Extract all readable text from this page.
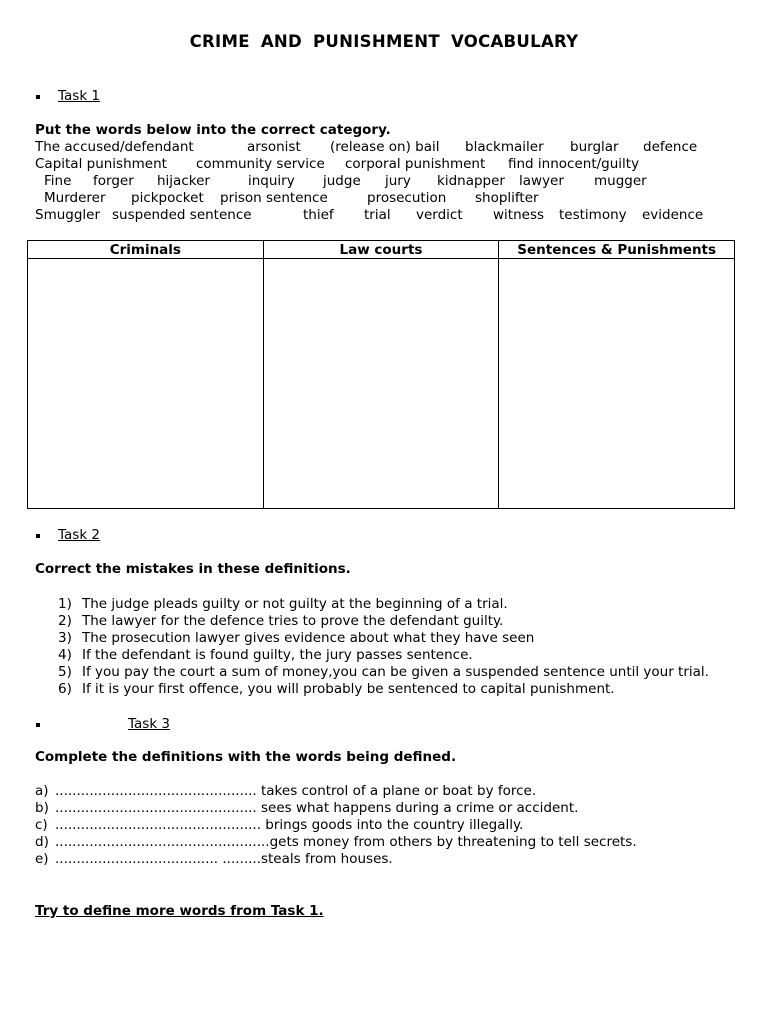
CRIME AND PUNISHMENT VOCABULARY
Task 1
Put the words below into the correct category.
The accused/defendant	arsonist (release on) bail blackmailer burglar defence
Capital punishment community service corporal punishment find innocent/guilty
Fine forger hijacker	inquiry judge jury kidnapper lawyer mugger
Murderer pickpocket prison sentence	prosecution shoplifter
Smuggler suspended sentence	thief trial verdict witness testimony evidence
Criminals	Law courts	Sentences & Punishments

Task 2
Correct the mistakes in these definitions.
1) The judge pleads guilty or not guilty at the beginning of a trial.
2) The lawyer for the defence tries to prove the defendant guilty.
3) The prosecution lawyer gives evidence about what they have seen
4) If the defendant is found guilty, the jury passes sentence.
5) If you pay the court a sum of money,you can be given a suspended sentence until your trial.
6) If it is your first offence, you will probably be sentenced to capital punishment.
Task 3
Complete the definitions with the words being defined.
a) ............................................... takes control of a plane or boat by force.
b) ............................................... sees what happens during a crime or accident.
c) ................................................ brings goods into the country illegally.
d) ..................................................gets money from others by threatening to tell secrets.
e) ...................................... .........steals from houses.
Try to define more words from Task 1.
